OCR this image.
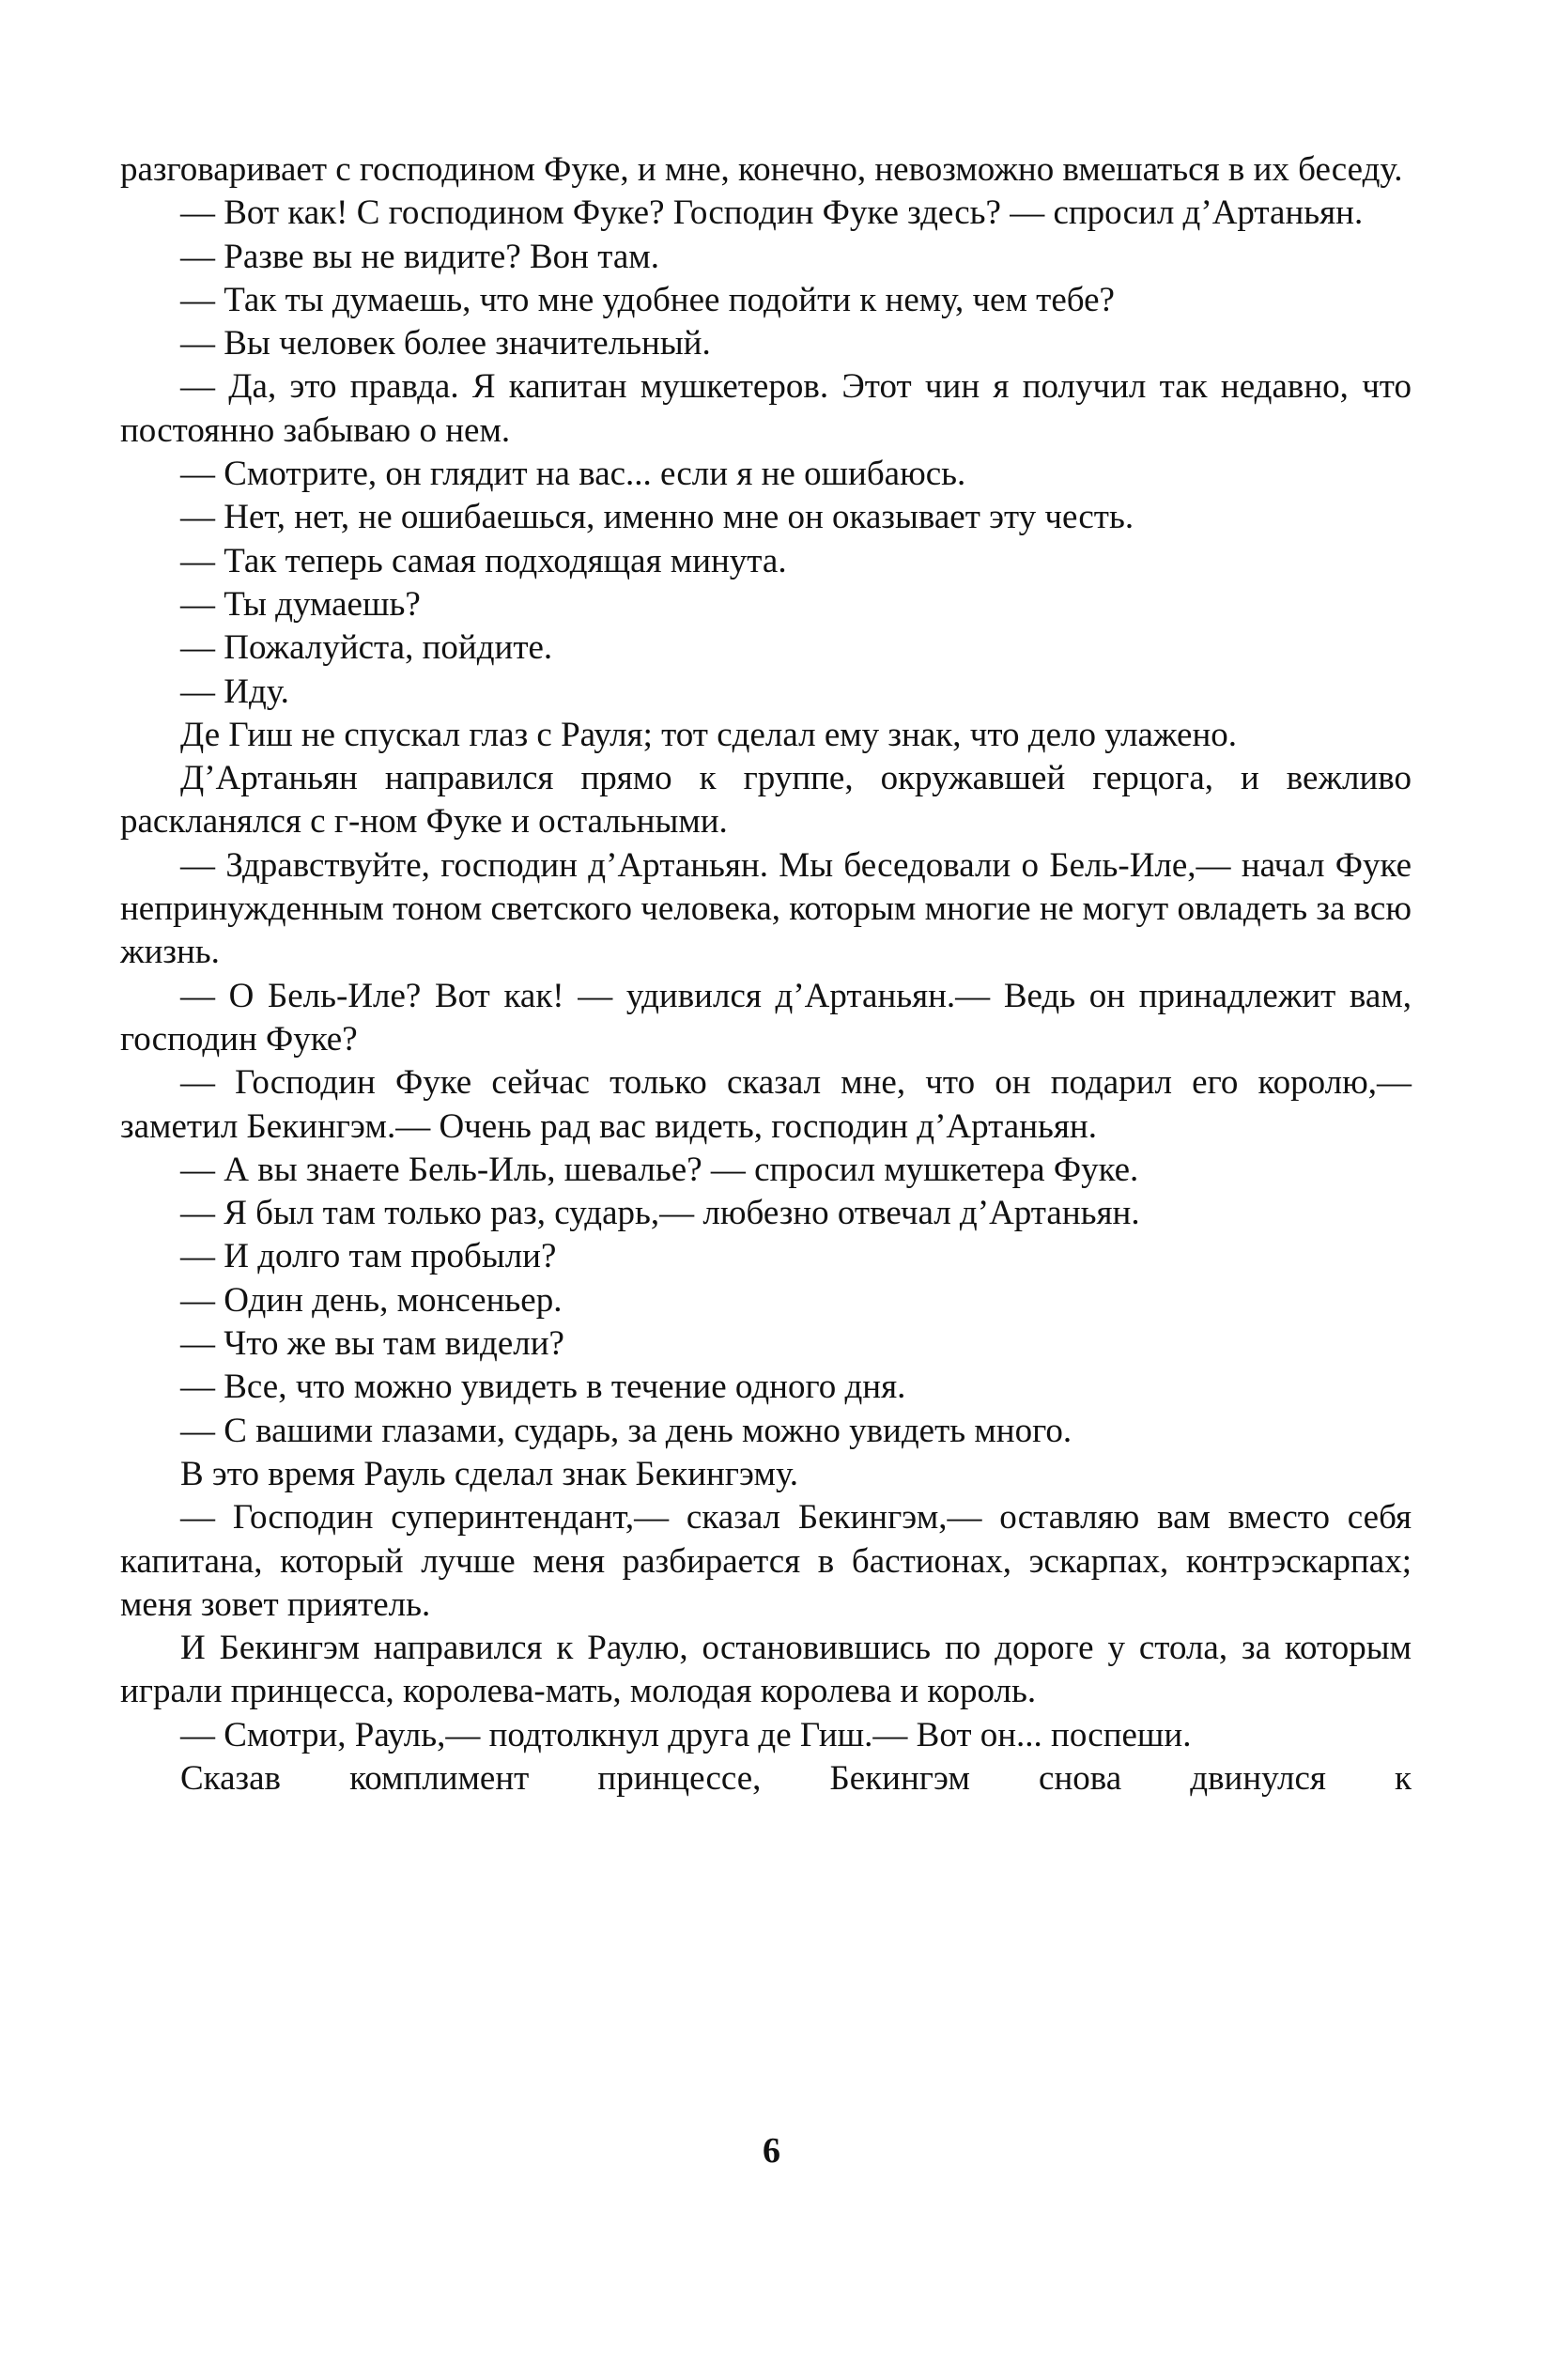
разговаривает с господином Фуке, и мне, конечно, невозможно вмешаться в их беседу.

— Вот как! С господином Фуке? Господин Фуке здесь? — спросил д’Артаньян.

— Разве вы не видите? Вон там.

— Так ты думаешь, что мне удобнее подойти к нему, чем тебе?

— Вы человек более значительный.

— Да, это правда. Я капитан мушкетеров. Этот чин я получил так недавно, что постоянно забываю о нем.

— Смотрите, он глядит на вас... если я не ошибаюсь.

— Нет, нет, не ошибаешься, именно мне он оказывает эту честь.

— Так теперь самая подходящая минута.

— Ты думаешь?

— Пожалуйста, пойдите.

— Иду.

Де Гиш не спускал глаз с Рауля; тот сделал ему знак, что дело улажено.

Д’Артаньян направился прямо к группе, окружавшей герцога, и вежливо раскланялся с г-ном Фуке и остальными.

— Здравствуйте, господин д’Артаньян. Мы беседовали о Бель-Иле,— начал Фуке непринужденным тоном светского человека, которым многие не могут овладеть за всю жизнь.

— О Бель-Иле? Вот как! — удивился д’Артаньян.— Ведь он принадлежит вам, господин Фуке?

— Господин Фуке сейчас только сказал мне, что он подарил его королю,— заметил Бекингэм.— Очень рад вас видеть, господин д’Артаньян.

— А вы знаете Бель-Иль, шевалье? — спросил мушкетера Фуке.

— Я был там только раз, сударь,— любезно отвечал д’Артаньян.

— И долго там пробыли?

— Один день, монсеньер.

— Что же вы там видели?

— Все, что можно увидеть в течение одного дня.

— С вашими глазами, сударь, за день можно увидеть много.

В это время Рауль сделал знак Бекингэму.

— Господин суперинтендант,— сказал Бекингэм,— оставляю вам вместо себя капитана, который лучше меня разбирается в бастионах, эскарпах, контрэскарпах; меня зовет приятель.

И Бекингэм направился к Раулю, остановившись по дороге у стола, за которым играли принцесса, королева-мать, молодая королева и король.

— Смотри, Рауль,— подтолкнул друга де Гиш.— Вот он... поспеши.

Сказав комплимент принцессе, Бекингэм снова двинулся к

6
